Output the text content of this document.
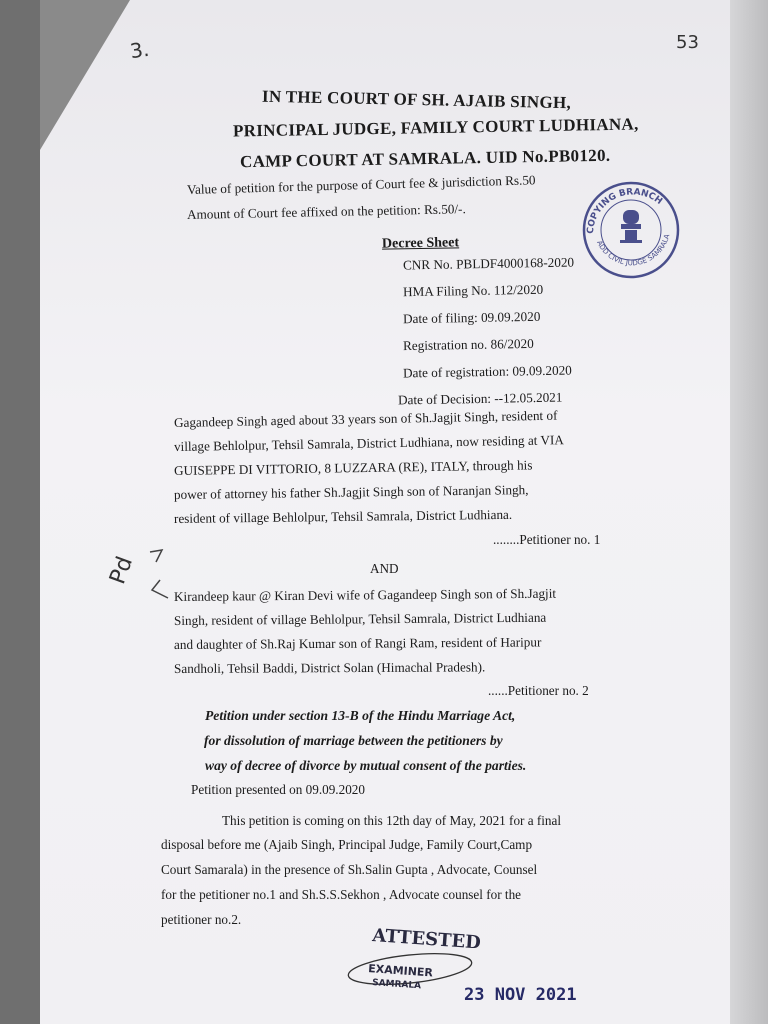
3.	53
IN THE COURT OF SH. AJAIB SINGH,
PRINCIPAL JUDGE, FAMILY COURT LUDHIANA,
CAMP COURT AT SAMRALA. UID No.PB0120.
Value of petition for the purpose of Court fee & jurisdiction Rs.50
Amount of Court fee affixed on the petition: Rs.50/-.
Decree Sheet
CNR No. PBLDF4000168-2020
HMA Filing No. 112/2020
Date of filing: 09.09.2020
Registration no. 86/2020
Date of registration: 09.09.2020
Date of Decision: --12.05.2021
Gagandeep Singh aged about 33 years son of Sh.Jagjit Singh, resident of
village Behlolpur, Tehsil Samrala, District Ludhiana, now residing at VIA
GUISEPPE DI VITTORIO, 8 LUZZARA (RE), ITALY, through his
power of attorney his father Sh.Jagjit Singh son of Naranjan Singh,
resident of village Behlolpur, Tehsil Samrala, District Ludhiana.
........Petitioner no. 1
Pd	AND
Kirandeep kaur @ Kiran Devi wife of Gagandeep Singh son of Sh.Jagjit
Singh, resident of village Behlolpur, Tehsil Samrala, District Ludhiana
and daughter of Sh.Raj Kumar son of Rangi Ram, resident of Haripur
Sandholi, Tehsil Baddi, District Solan (Himachal Pradesh).
......Petitioner no. 2
Petition under section 13-B of the Hindu Marriage Act,
for dissolution of marriage between the petitioners by
way of decree of divorce by mutual consent of the parties.
Petition presented on 09.09.2020
This petition is coming on this 12th day of May, 2021 for a final
disposal before me (Ajaib Singh, Principal Judge, Family Court,Camp
Court Samarala) in the presence of Sh.Salin Gupta , Advocate, Counsel
for the petitioner no.1 and Sh.S.S.Sekhon , Advocate counsel for the
petitioner no.2.
COPYING BRANCH
ADD CIVIL JUDGE SAMRALA
ATTESTED
EXAMINER
SAMRALA
23 NOV 2021
